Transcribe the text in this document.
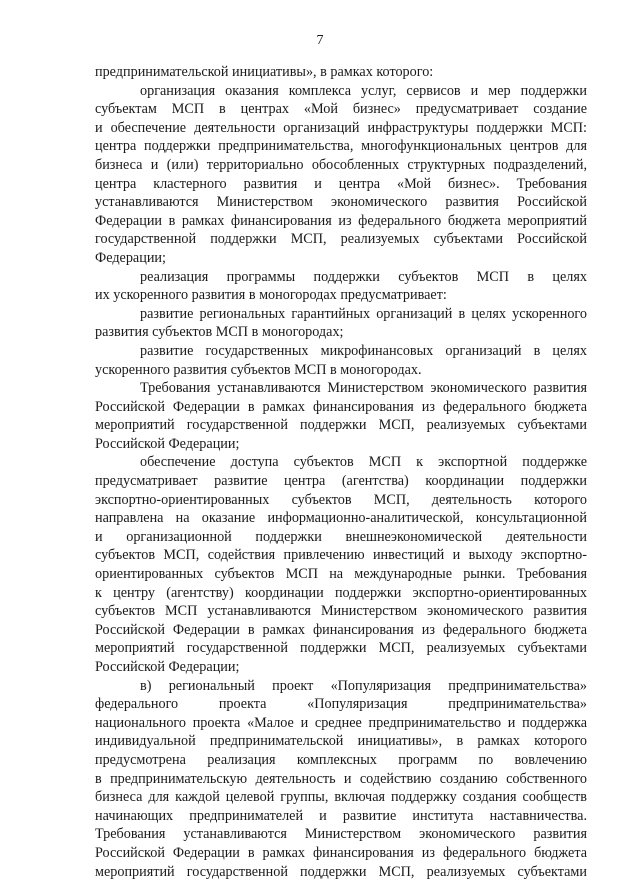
7
предпринимательской инициативы», в рамках которого:
организация оказания комплекса услуг, сервисов и мер поддержки
субъектам МСП в центрах «Мой бизнес» предусматривает создание
и обеспечение деятельности организаций инфраструктуры поддержки МСП:
центра поддержки предпринимательства, многофункциональных центров для
бизнеса и (или) территориально обособленных структурных подразделений,
центра кластерного развития и центра «Мой бизнес». Требования
устанавливаются Министерством экономического развития Российской
Федерации в рамках финансирования из федерального бюджета мероприятий
государственной поддержки МСП, реализуемых субъектами Российской
Федерации;
реализация программы поддержки субъектов МСП в целях
их ускоренного развития в моногородах предусматривает:
развитие региональных гарантийных организаций в целях ускоренного
развития субъектов МСП в моногородах;
развитие государственных микрофинансовых организаций в целях
ускоренного развития субъектов МСП в моногородах.
Требования устанавливаются Министерством экономического развития
Российской Федерации в рамках финансирования из федерального бюджета
мероприятий государственной поддержки МСП, реализуемых субъектами
Российской Федерации;
обеспечение доступа субъектов МСП к экспортной поддержке
предусматривает развитие центра (агентства) координации поддержки
экспортно-ориентированных субъектов МСП, деятельность которого
направлена на оказание информационно-аналитической, консультационной
и организационной поддержки внешнеэкономической деятельности
субъектов МСП, содействия привлечению инвестиций и выходу экспортно-
ориентированных субъектов МСП на международные рынки. Требования
к центру (агентству) координации поддержки экспортно-ориентированных
субъектов МСП устанавливаются Министерством экономического развития
Российской Федерации в рамках финансирования из федерального бюджета
мероприятий государственной поддержки МСП, реализуемых субъектами
Российской Федерации;
в) региональный проект «Популяризация предпринимательства»
федерального проекта «Популяризация предпринимательства»
национального проекта «Малое и среднее предпринимательство и поддержка
индивидуальной предпринимательской инициативы», в рамках которого
предусмотрена реализация комплексных программ по вовлечению
в предпринимательскую деятельность и содействию созданию собственного
бизнеса для каждой целевой группы, включая поддержку создания сообществ
начинающих предпринимателей и развитие института наставничества.
Требования устанавливаются Министерством экономического развития
Российской Федерации в рамках финансирования из федерального бюджета
мероприятий государственной поддержки МСП, реализуемых субъектами
